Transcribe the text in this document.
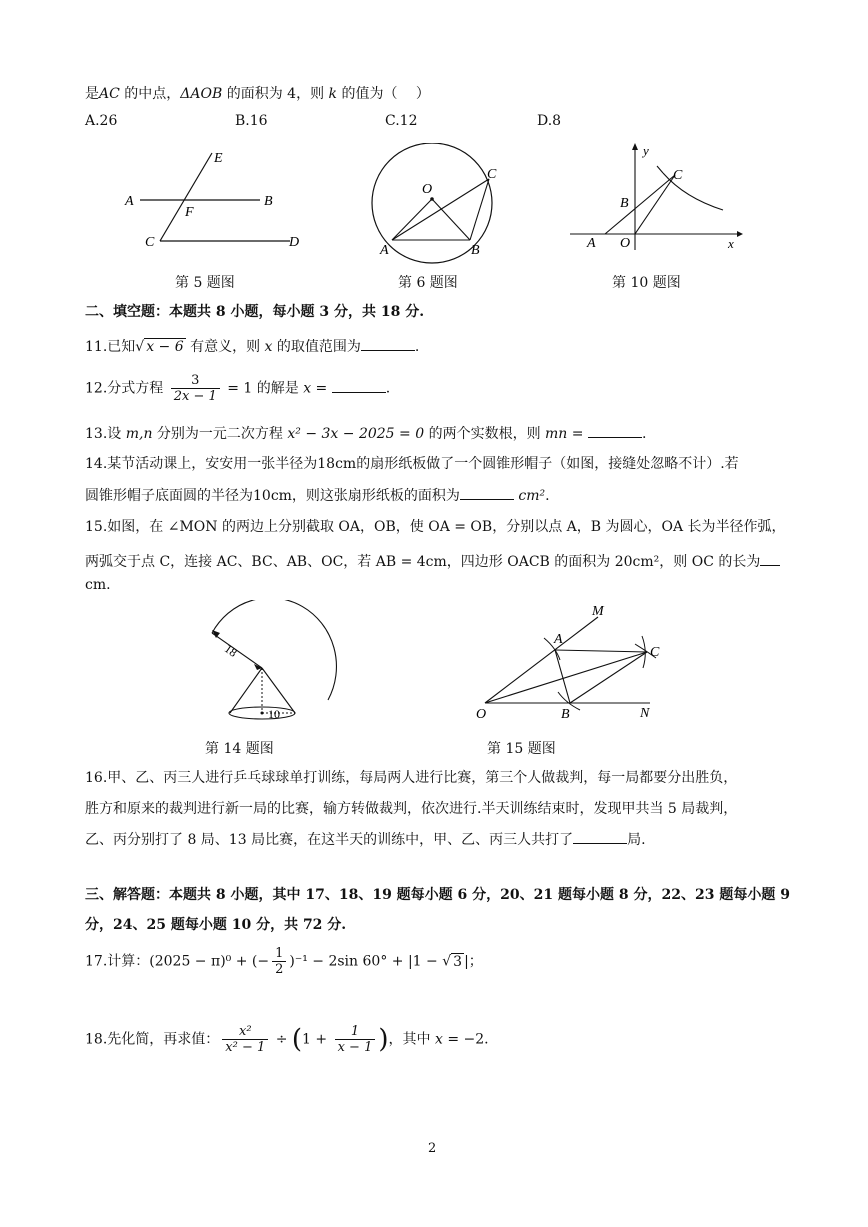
是AC 的中点，ΔAOB 的面积为 4，则 k 的值为（　 ）
A.26	B.16	C.12	D.8
E
A	B
F
C	D
第 5 题图
O
C
A	B
第 6 题图
y
C
B
A O	x
第 10 题图
二、填空题：本题共 8 小题，每小题 3 分，共 18 分.
11.已知√ x − 6 有意义，则 x 的取值范围为	.
12.分式方程 $\frac{3}{2x - 1} = 1$ 的解是 x =	.
13.设 m,n 分别为一元二次方程 x² − 3x − 2025 = 0 的两个实数根，则 mn =	.
14.某节活动课上，安安用一张半径为18cm的扇形纸板做了一个圆锥形帽子（如图，接缝处忽略不计）.若
圆锥形帽子底面圆的半径为10cm，则这张扇形纸板的面积为	cm².
15.如图，在 ∠MON 的两边上分别截取 OA，OB，使 OA = OB，分别以点 A，B 为圆心，OA 长为半径作弧，
两弧交于点 C，连接 AC、BC、AB、OC，若 AB = 4cm，四边形 OACB 的面积为 20cm²，则 OC 的长为
cm.
18
10
第 14 题图
M
A
C
O	B	N
第 15 题图
16.甲、乙、丙三人进行乒乓球球单打训练，每局两人进行比赛，第三个人做裁判，每一局都要分出胜负，
胜方和原来的裁判进行新一局的比赛，输方转做裁判，依次进行.半天训练结束时，发现甲共当 5 局裁判，
乙、丙分别打了 8 局、13 局比赛，在这半天的训练中，甲、乙、丙三人共打了	局.
三、解答题：本题共 8 小题，其中 17、18、19 题每小题 6 分，20、21 题每小题 8 分，22、23 题每小题 9
分，24、25 题每小题 10 分，共 72 分.
17.计算：(2025 − π)⁰ + (− $\frac{1}{2} )^{-1} - 2\sin$ 60° + |1 − √ 3 |；
18.先化简，再求值： $\frac{\text{x²}}{\text{x² − 1}} \div (1 + \frac{1}{x - 1}$ )，其中 x = −2.
2
